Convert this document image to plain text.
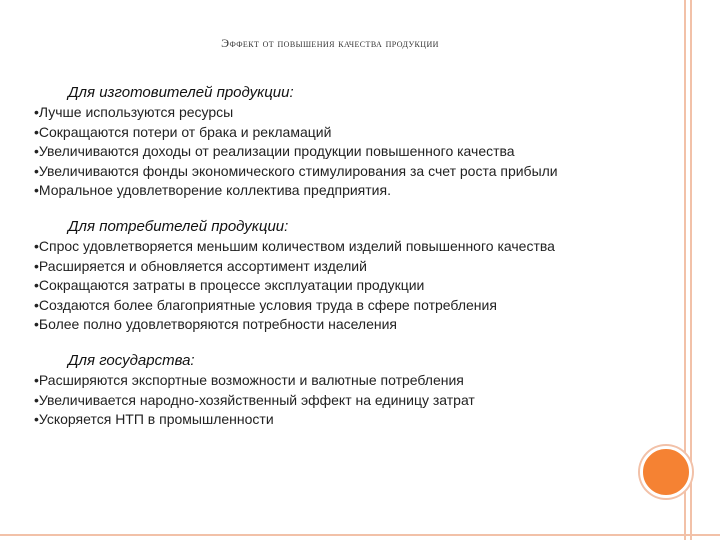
Эффект от повышения качества продукции
Для изготовителей продукции:
• Лучше используются ресурсы
• Сокращаются потери от брака и рекламаций
• Увеличиваются доходы от реализации продукции повышенного качества
• Увеличиваются фонды экономического стимулирования за счет роста прибыли
• Моральное удовлетворение коллектива предприятия.
Для потребителей продукции:
• Спрос удовлетворяется меньшим количеством изделий повышенного качества
• Расширяется и обновляется ассортимент изделий
• Сокращаются затраты в процессе эксплуатации продукции
• Создаются более благоприятные условия труда в сфере потребления
• Более полно удовлетворяются потребности населения
Для государства:
• Расширяются экспортные возможности и валютные потребления
• Увеличивается народно-хозяйственный эффект на единицу затрат
• Ускоряется НТП в промышленности
